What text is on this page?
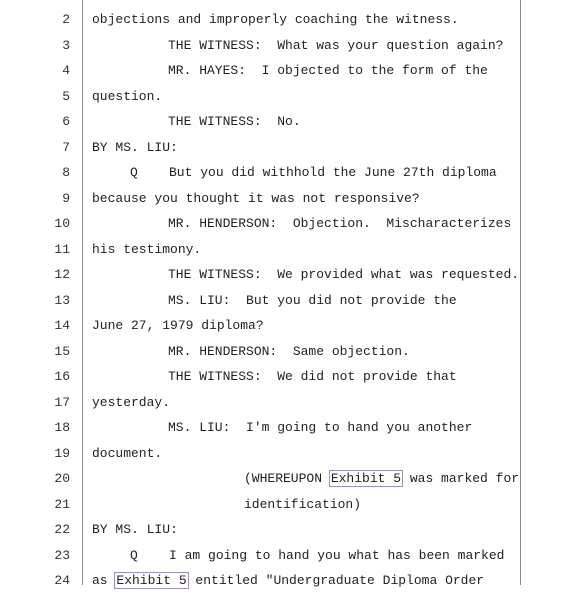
2 objections and improperly coaching the witness.
3	THE WITNESS:  What was your question again?
4	MR. HAYES:  I objected to the form of the
5 question.
6	THE WITNESS:  No.
7 BY MS. LIU:
8	Q    But you did withhold the June 27th diploma
9 because you thought it was not responsive?
10	MR. HENDERSON:  Objection.  Mischaracterizes
11 his testimony.
12	THE WITNESS:  We provided what was requested.
13	MS. LIU:  But you did not provide the
14 June 27, 1979 diploma?
15	MR. HENDERSON:  Same objection.
16	THE WITNESS:  We did not provide that
17 yesterday.
18	MS. LIU:  I'm going to hand you another
19 document.
20	(WHEREUPON Exhibit 5 was marked for
21	identification)
22 BY MS. LIU:
23	Q    I am going to hand you what has been marked
24 as Exhibit 5 entitled "Undergraduate Diploma Order
